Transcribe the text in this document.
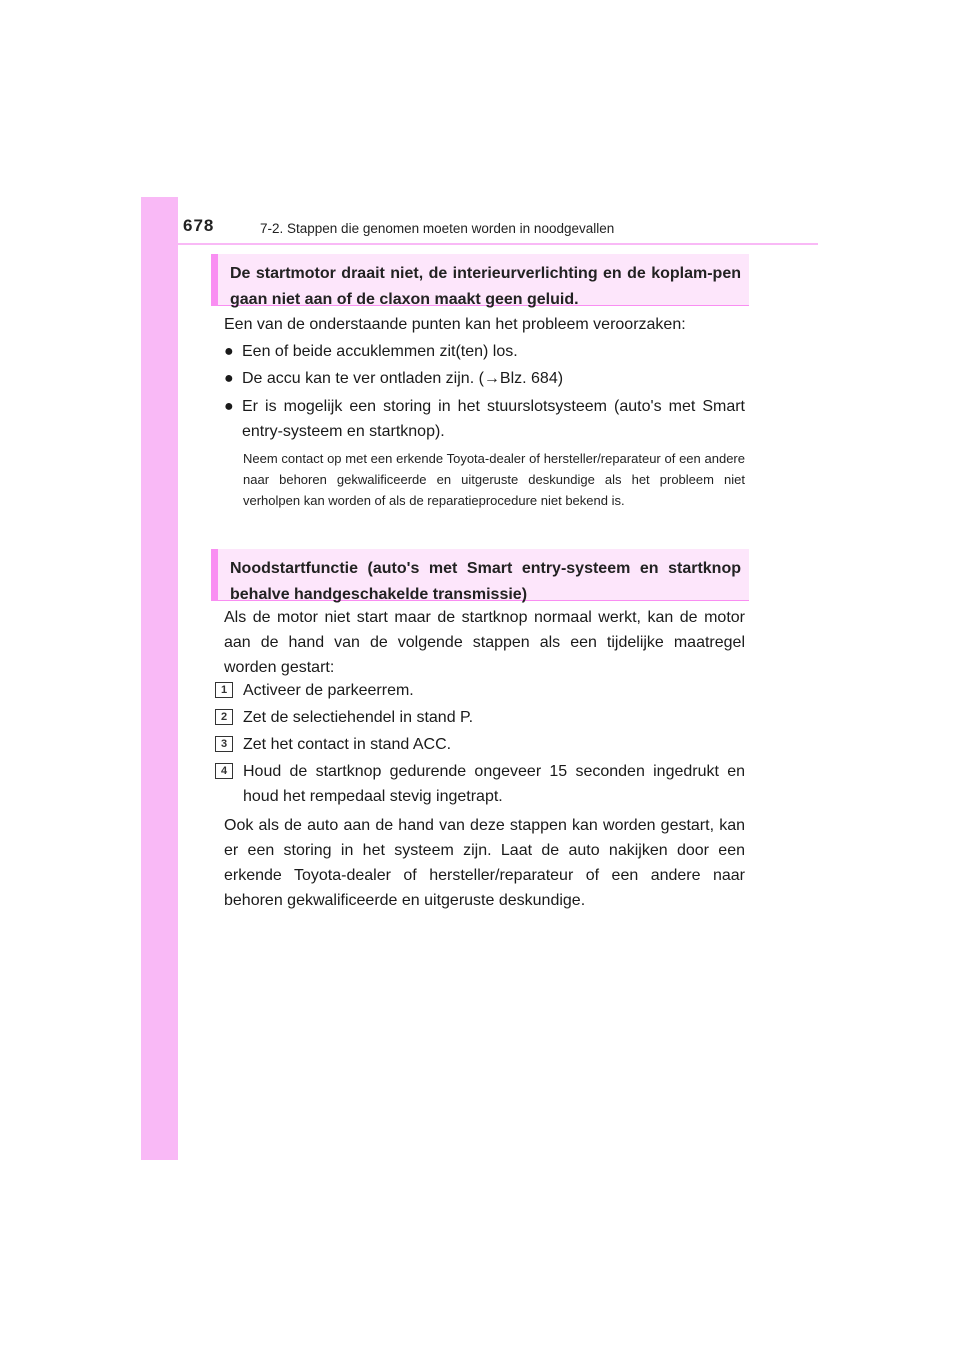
678	7-2. Stappen die genomen moeten worden in noodgevallen
De startmotor draait niet, de interieurverlichting en de koplam-pen gaan niet aan of de claxon maakt geen geluid.

Een van de onderstaande punten kan het probleem veroorzaken:

● Een of beide accuklemmen zit(ten) los.
● De accu kan te ver ontladen zijn. (→Blz. 684)
● Er is mogelijk een storing in het stuurslotsysteem (auto's met Smart entry-systeem en startknop).

Neem contact op met een erkende Toyota-dealer of hersteller/reparateur of een andere naar behoren gekwalificeerde en uitgeruste deskundige als het probleem niet verholpen kan worden of als de reparatieprocedure niet bekend is.

Noodstartfunctie (auto's met Smart entry-systeem en startknop behalve handgeschakelde transmissie)

Als de motor niet start maar de startknop normaal werkt, kan de motor aan de hand van de volgende stappen als een tijdelijke maatregel worden gestart:

1 Activeer de parkeerrem.
2 Zet de selectiehendel in stand P.
3 Zet het contact in stand ACC.
4 Houd de startknop gedurende ongeveer 15 seconden ingedrukt en houd het rempedaal stevig ingetrapt.

Ook als de auto aan de hand van deze stappen kan worden gestart, kan er een storing in het systeem zijn. Laat de auto nakijken door een erkende Toyota-dealer of hersteller/reparateur of een andere naar behoren gekwalificeerde en uitgeruste deskundige.
